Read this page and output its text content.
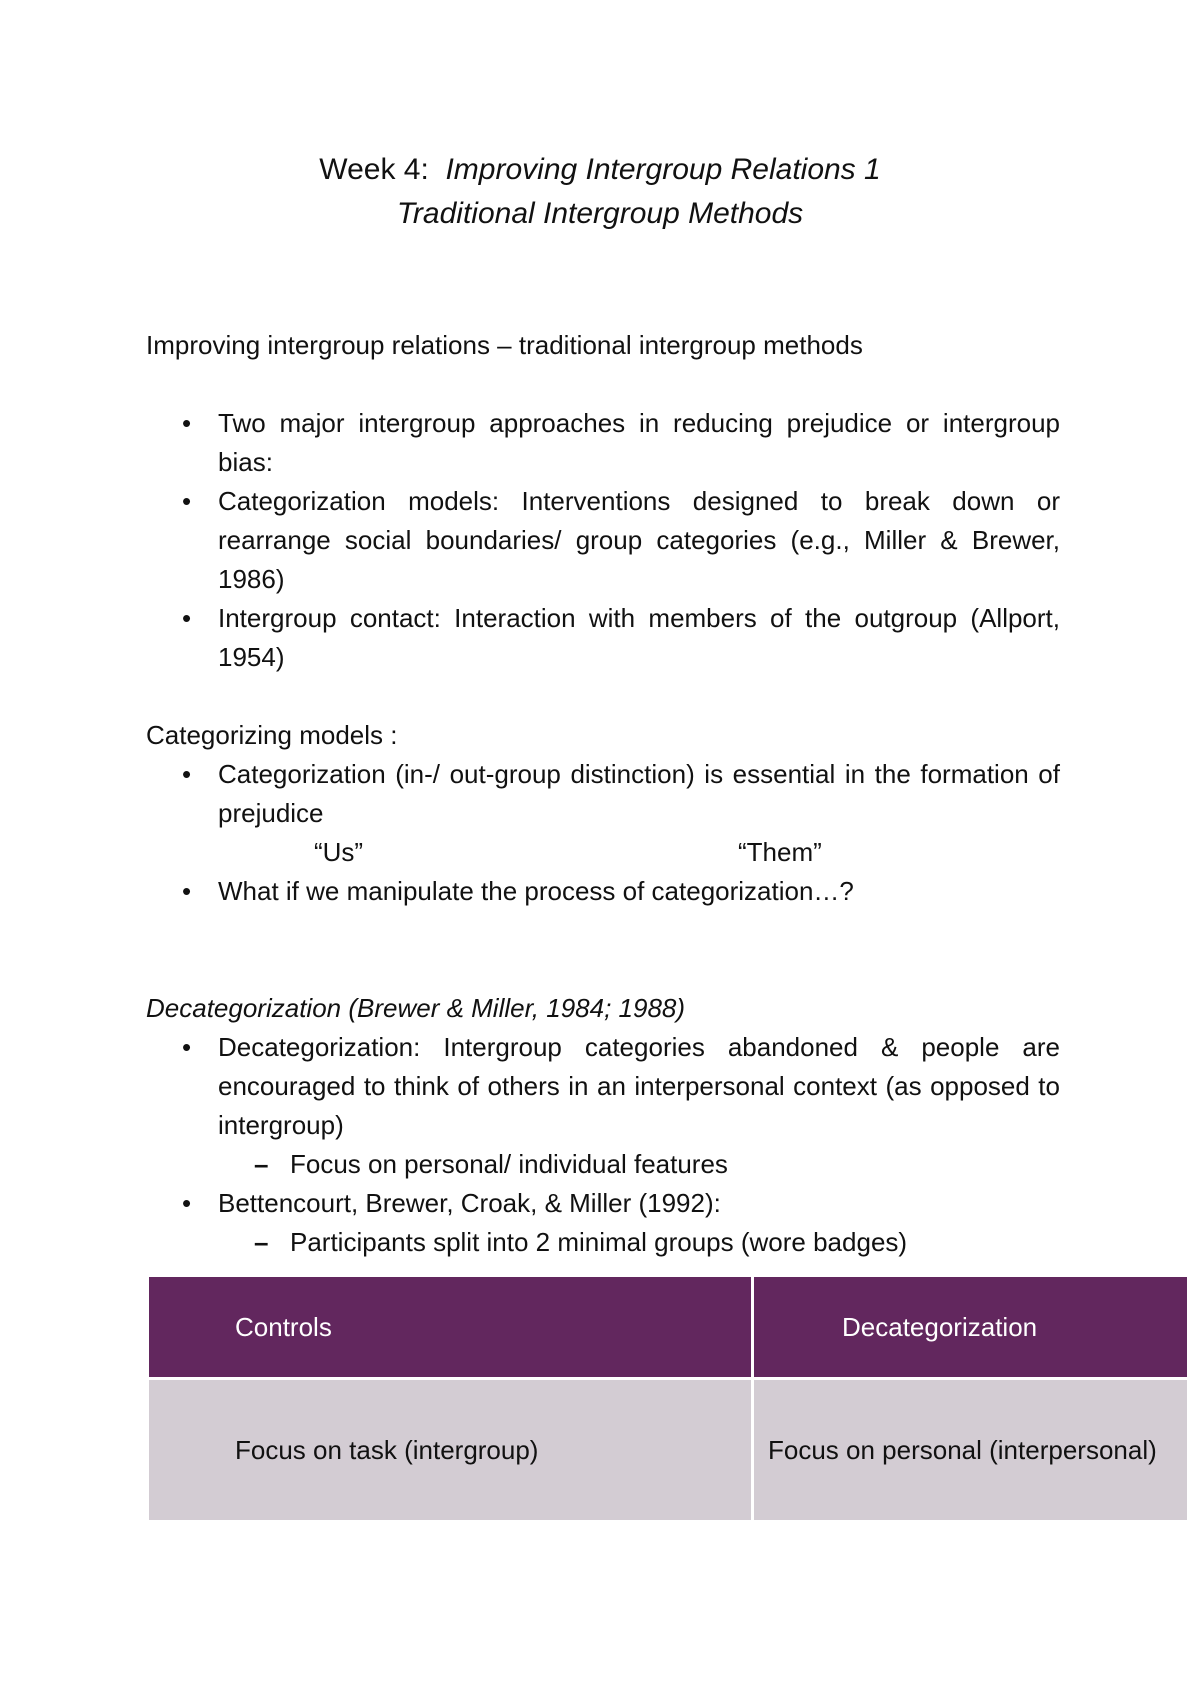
Week 4: Improving Intergroup Relations 1
Traditional Intergroup Methods

Improving intergroup relations – traditional intergroup methods

• Two major intergroup approaches in reducing prejudice or intergroup bias:
• Categorization models: Interventions designed to break down or rearrange social boundaries/ group categories (e.g., Miller & Brewer, 1986)
• Intergroup contact: Interaction with members of the outgroup (Allport, 1954)

Categorizing models :

• Categorization (in-/ out-group distinction) is essential in the formation of prejudice
“Us”	“Them”
• What if we manipulate the process of categorization…?

Decategorization (Brewer & Miller, 1984; 1988)

• Decategorization: Intergroup categories abandoned & people are encouraged to think of others in an interpersonal context (as opposed to intergroup)
– Focus on personal/ individual features
• Bettencourt, Brewer, Croak, & Miller (1992):
– Participants split into 2 minimal groups (wore badges)
Controls	Decategorization
Focus on task (intergroup)	Focus on personal (interpersonal)
